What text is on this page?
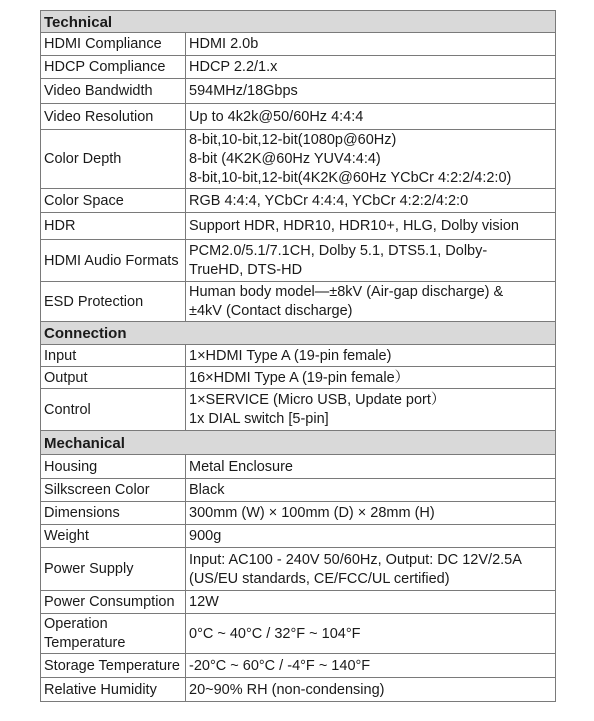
Technical	
HDMI Compliance	HDMI 2.0b
HDCP Compliance	HDCP 2.2/1.x
Video Bandwidth	594MHz/18Gbps
Video Resolution	Up to 4k2k@50/60Hz 4:4:4
Color Depth	8-bit,10-bit,12-bit(1080p@60Hz)
8-bit (4K2K@60Hz YUV4:4:4)
8-bit,10-bit,12-bit(4K2K@60Hz YCbCr 4:2:2/4:2:0)
Color Space	RGB 4:4:4, YCbCr 4:4:4, YCbCr 4:2:2/4:2:0
HDR	Support HDR, HDR10, HDR10+, HLG, Dolby vision
HDMI Audio Formats	PCM2.0/5.1/7.1CH, Dolby 5.1, DTS5.1, Dolby-
TrueHD, DTS-HD
ESD Protection	Human body model—±8kV (Air-gap discharge) &
±4kV (Contact discharge)
Connection	
Input	1×HDMI Type A (19-pin female)
Output	16×HDMI Type A (19-pin female）
Control	1×SERVICE (Micro USB, Update port）
1x DIAL switch [5-pin]
Mechanical	
Housing	Metal Enclosure
Silkscreen Color	Black
Dimensions	300mm (W) × 100mm (D) × 28mm (H)
Weight	900g
Power Supply	Input: AC100 - 240V 50/60Hz, Output: DC 12V/2.5A
(US/EU standards, CE/FCC/UL certified)
Power Consumption	12W
Operation
Temperature	0°C ~ 40°C / 32°F ~ 104°F
Storage Temperature	-20°C ~ 60°C / -4°F ~ 140°F
Relative Humidity	20~90% RH (non-condensing)
